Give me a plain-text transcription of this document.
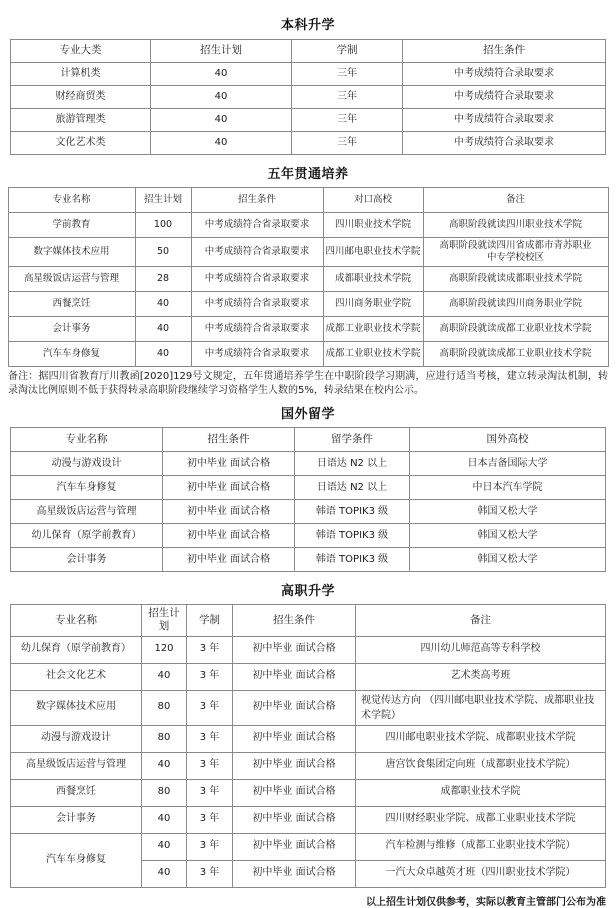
本科升学
专业大类	招生计划	学制	招生条件
计算机类	40	三年	中考成绩符合录取要求
财经商贸类	40	三年	中考成绩符合录取要求
旅游管理类	40	三年	中考成绩符合录取要求
文化艺术类	40	三年	中考成绩符合录取要求
五年贯通培养
专业名称	招生计划	招生条件	对口高校	备注
学前教育	100	中考成绩符合省录取要求	四川职业技术学院	高职阶段就读四川职业技术学院
数字媒体技术应用	50	中考成绩符合省录取要求	四川邮电职业技术学院	高职阶段就读四川省成都市青苏职业中专学校校区
高星级饭店运营与管理	28	中考成绩符合省录取要求	成都职业技术学院	高职阶段就读成都职业技术学院
西餐烹饪	40	中考成绩符合省录取要求	四川商务职业学院	高职阶段就读四川商务职业学院
会计事务	40	中考成绩符合省录取要求	成都工业职业技术学院	高职阶段就读成都工业职业技术学院
汽车车身修复	40	中考成绩符合省录取要求	成都工业职业技术学院	高职阶段就读成都工业职业技术学院
备注：据四川省教育厅川教函[2020]129号文规定，五年贯通培养学生在中职阶段学习期满，应进行适当考核，建立转录淘汰机制，转录淘汰比例原则不低于获得转录高职阶段继续学习资格学生人数的5%，转录结果在校内公示。
国外留学
专业名称	招生条件	留学条件	国外高校
动漫与游戏设计	初中毕业 面试合格	日语达 N2 以上	日本吉备国际大学
汽车车身修复	初中毕业 面试合格	日语达 N2 以上	中日本汽车学院
高星级饭店运营与管理	初中毕业 面试合格	韩语 TOPIK3 级	韩国又松大学
幼儿保育（原学前教育）	初中毕业 面试合格	韩语 TOPIK3 级	韩国又松大学
会计事务	初中毕业 面试合格	韩语 TOPIK3 级	韩国又松大学
高职升学
专业名称	招生计划	学制	招生条件	备注
幼儿保育（原学前教育）	120	3 年	初中毕业 面试合格	四川幼儿师范高等专科学校
社会文化艺术	40	3 年	初中毕业 面试合格	艺术类高考班
数字媒体技术应用	80	3 年	初中毕业 面试合格	视觉传达方向 （四川邮电职业技术学院、成都职业技术学院）
动漫与游戏设计	80	3 年	初中毕业 面试合格	四川邮电职业技术学院、成都职业技术学院
高星级饭店运营与管理	40	3 年	初中毕业 面试合格	唐宫饮食集团定向班（成都职业技术学院）
西餐烹饪	80	3 年	初中毕业 面试合格	成都职业技术学院
会计事务	40	3 年	初中毕业 面试合格	四川财经职业学院、成都工业职业技术学院
汽车车身修复	40	3 年	初中毕业 面试合格	汽车检测与维修（成都工业职业技术学院）
	40	3 年	初中毕业 面试合格	一汽大众卓越英才班（四川职业技术学院）
以上招生计划仅供参考，实际以教育主管部门公布为准
